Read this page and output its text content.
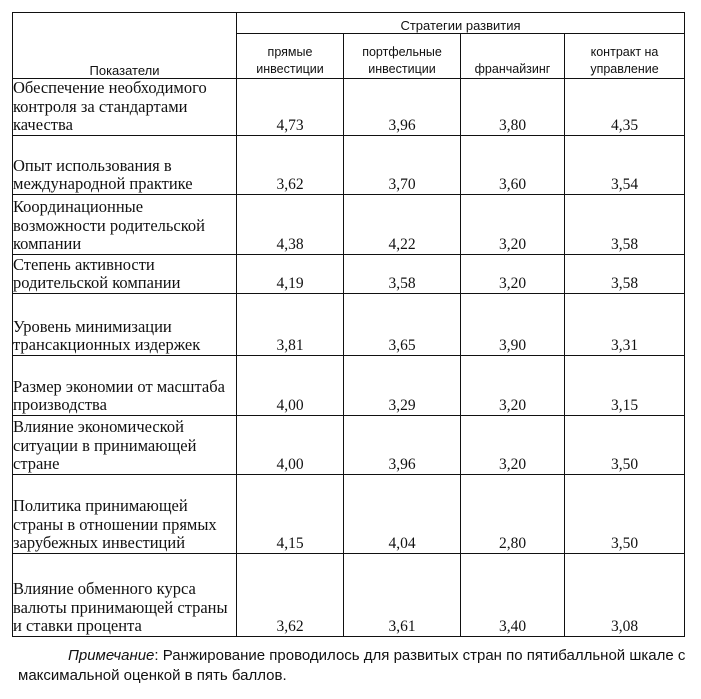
Показатели	Стратегии развития			
	прямые инвестиции	портфельные инвестиции	франчайзинг	контракт на управление
Обеспечение необходимого контроля за стандартами качества	4,73	3,96	3,80	4,35
Опыт использования в международной практике	3,62	3,70	3,60	3,54
Координационные возможности родительской компании	4,38	4,22	3,20	3,58
Степень активности родительской компании	4,19	3,58	3,20	3,58
Уровень минимизации трансакционных издержек	3,81	3,65	3,90	3,31
Размер экономии от масштаба производства	4,00	3,29	3,20	3,15
Влияние экономической ситуации в принимающей стране	4,00	3,96	3,20	3,50
Политика принимающей страны в отношении прямых зарубежных инвестиций	4,15	4,04	2,80	3,50
Влияние обменного курса валюты принимающей страны и ставки процента	3,62	3,61	3,40	3,08
Примечание: Ранжирование проводилось для развитых стран по пятибалльной шкале с максимальной оценкой в пять баллов.
